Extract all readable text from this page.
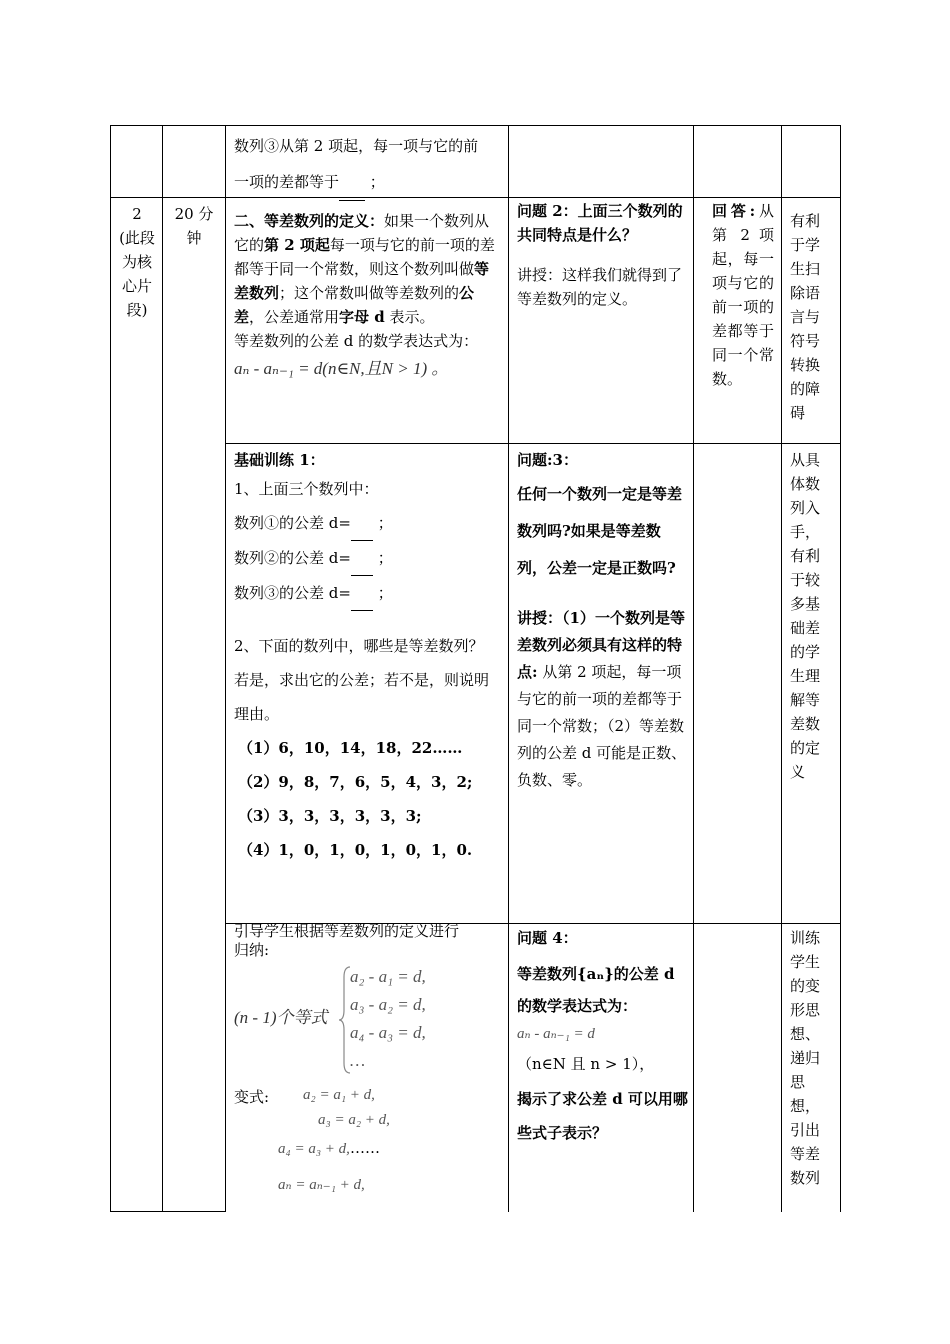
数列③从第 2 项起，每一项与它的前
一项的差都等于 ；
2
(此段为核心片段)
20 分钟
二、等差数列的定义：如果一个数列从它的第 2 项起每一项与它的前一项的差都等于同一个常数，则这个数列叫做等差数列；这个常数叫做等差数列的公差，公差通常用字母 d 表示。
等差数列的公差 d 的数学表达式为：
aₙ - aₙ₋₁ = d(n∈N,且N > 1) 。
问题 2：上面三个数列的共同特点是什么？
讲授：这样我们就得到了等差数列的定义。
回答:从第 2 项起，每一项与它的前一项的差都等于同一个常数。
有利于学生扫除语言与符号转换的障碍
基础训练 1：
1、上面三个数列中：
数列①的公差 d= ；
数列②的公差 d= ；
数列③的公差 d= ；
2、下面的数列中，哪些是等差数列？
若是，求出它的公差；若不是，则说明
理由。
（1）6，10，14，18，22……
（2）9，8，7，6，5，4，3，2;
（3）3，3，3，3，3，3;
（4）1，0，1，0，1，0，1，0.
问题:3：
任何一个数列一定是等差数列吗?如果是等差数列，公差一定是正数吗?
讲授：（1）一个数列是等差数列必须具有这样的特点: 从第 2 项起，每一项与它的前一项的差都等于同一个常数；（2）等差数列的公差 d 可能是正数、负数、零。
从具体数列入手，有利于较多基础差的学生理解等差数的定义
引导学生根据等差数列的定义进行
归纳:
(n - 1)个等式
a₂ - a₁ = d,
a₃ - a₂ = d,
a₄ - a₃ = d,
…
变式: a₂ = a₁ + d,
a₃ = a₂ + d,
a₄ = a₃ + d,……
aₙ = aₙ₋₁ + d,
问题 4：
等差数列{aₙ}的公差 d
的数学表达式为：
aₙ - aₙ₋₁ = d
（n∈N 且 n > 1），
揭示了求公差 d 可以用哪些式子表示？
训练学生的变形思想、递归思想，引出等差数列
